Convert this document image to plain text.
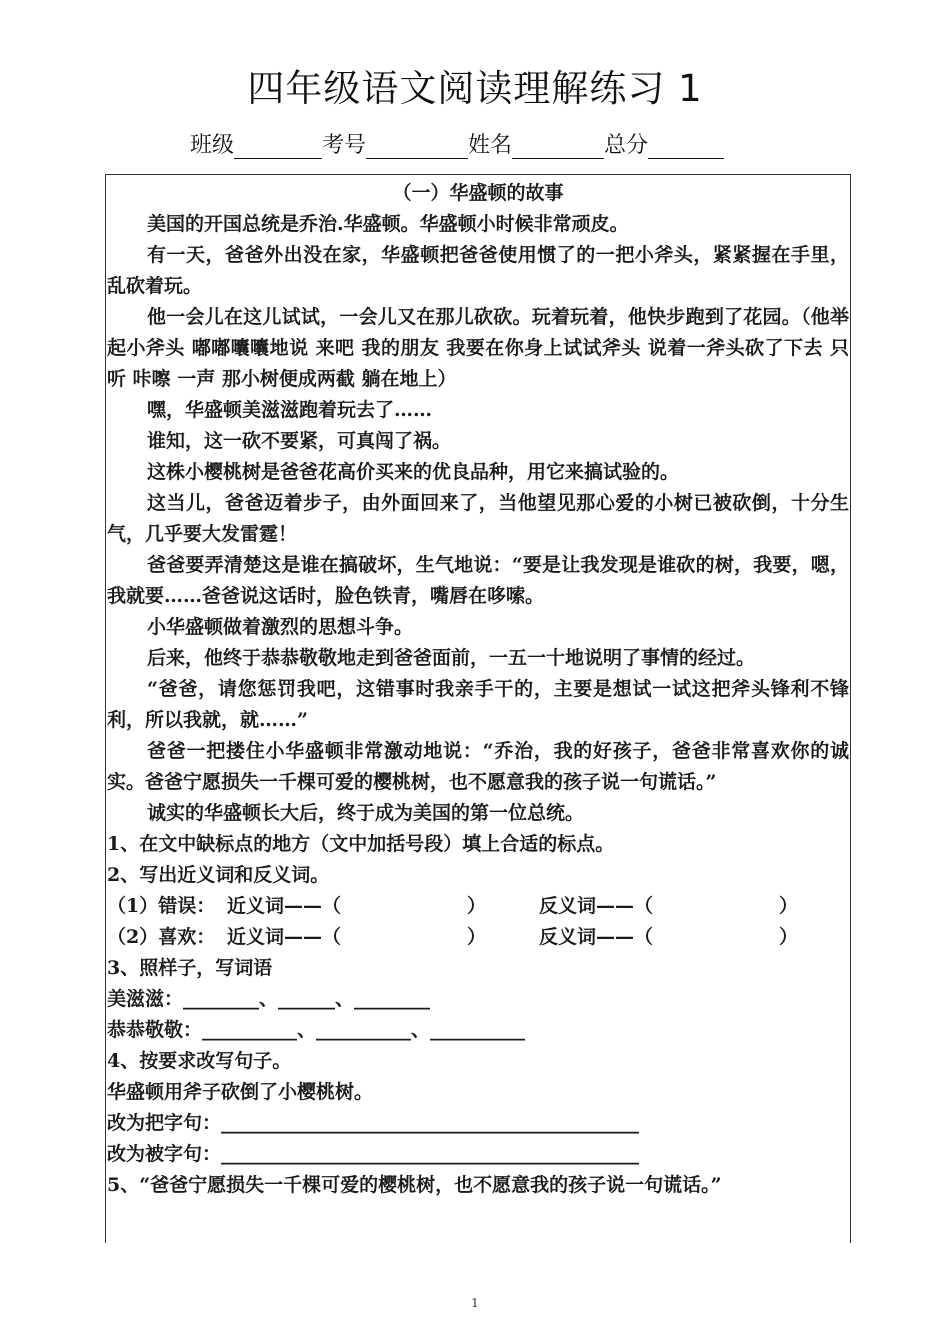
四年级语文阅读理解练习 1
班级	考号	姓名	总分

（一）华盛顿的故事

美国的开国总统是乔治.华盛顿。华盛顿小时候非常顽皮。

有一天，爸爸外出没在家，华盛顿把爸爸使用惯了的一把小斧头，紧紧握在手里，乱砍着玩。

他一会儿在这儿试试，一会儿又在那儿砍砍。玩着玩着，他快步跑到了花园。（他举起小斧头 嘟嘟囔囔地说 来吧 我的朋友 我要在你身上试试斧头 说着一斧头砍了下去 只听 咔嚓 一声 那小树便成两截 躺在地上）

嘿，华盛顿美滋滋跑着玩去了……

谁知，这一砍不要紧，可真闯了祸。

这株小樱桃树是爸爸花高价买来的优良品种，用它来搞试验的。

这当儿，爸爸迈着步子，由外面回来了，当他望见那心爱的小树已被砍倒，十分生气，几乎要大发雷霆！

爸爸要弄清楚这是谁在搞破坏，生气地说：“要是让我发现是谁砍的树，我要，嗯，我就要……爸爸说这话时，脸色铁青，嘴唇在哆嗦。

小华盛顿做着激烈的思想斗争。

后来，他终于恭恭敬敬地走到爸爸面前，一五一十地说明了事情的经过。

“爸爸，请您惩罚我吧，这错事时我亲手干的，主要是想试一试这把斧头锋利不锋利，所以我就，就……”

爸爸一把搂住小华盛顿非常激动地说：“乔治，我的好孩子，爸爸非常喜欢你的诚实。爸爸宁愿损失一千棵可爱的樱桃树，也不愿意我的孩子说一句谎话。”

诚实的华盛顿长大后，终于成为美国的第一位总统。

1、在文中缺标点的地方（文中加括号段）填上合适的标点。

2、写出近义词和反义词。

（1）错误： 近义词——（	）	反义词——（	）
（2）喜欢： 近义词——（	）	反义词——（	）

3、照样子，写词语

美滋滋：________、______、________

恭恭敬敬：__________、__________、__________

4、按要求改写句子。

华盛顿用斧子砍倒了小樱桃树。

改为把字句：____________________________________________

改为被字句：____________________________________________

5、“爸爸宁愿损失一千棵可爱的樱桃树，也不愿意我的孩子说一句谎话。”

1
